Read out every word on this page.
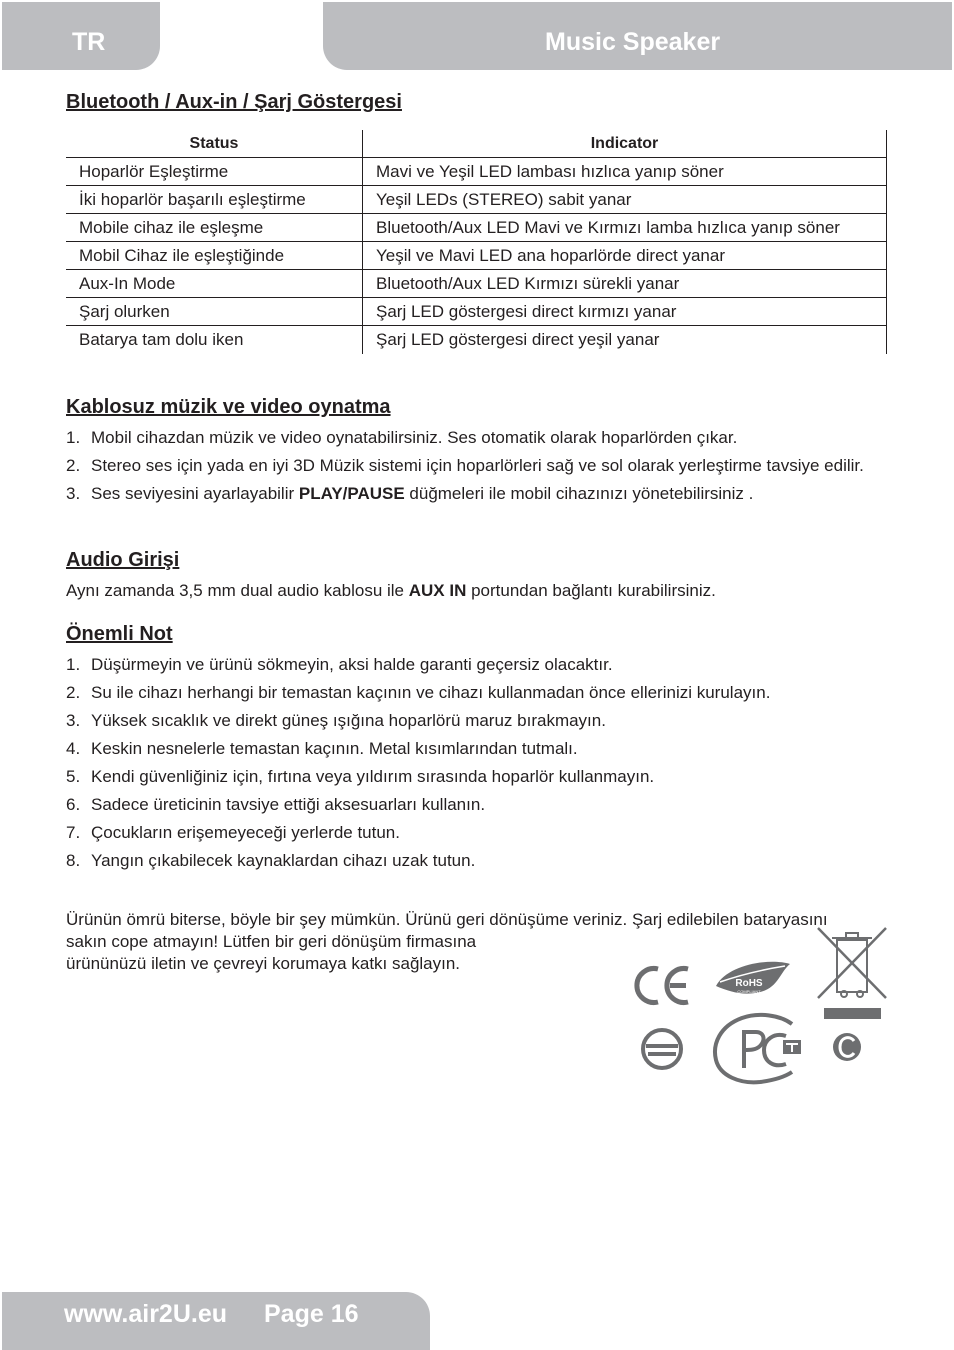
TR	Music Speaker
Bluetooth / Aux-in / Şarj Göstergesi
Status	Indicator
Hoparlör Eşleştirme	Mavi ve Yeşil LED lambası hızlıca yanıp söner
İki hoparlör başarılı eşleştirme	Yeşil LEDs (STEREO) sabit yanar
Mobile cihaz ile eşleşme	Bluetooth/Aux LED Mavi ve Kırmızı lamba hızlıca yanıp söner
Mobil Cihaz ile eşleştiğinde	Yeşil ve Mavi LED ana hoparlörde direct yanar
Aux-In Mode	Bluetooth/Aux LED Kırmızı sürekli yanar
Şarj olurken	Şarj LED göstergesi direct kırmızı yanar
Batarya tam dolu iken	Şarj LED göstergesi direct yeşil yanar
Kablosuz müzik ve video oynatma
1. Mobil cihazdan müzik ve video oynatabilirsiniz. Ses otomatik olarak hoparlörden çıkar.
2. Stereo ses için yada en iyi 3D Müzik sistemi için hoparlörleri sağ ve sol olarak yerleştirme tavsiye edilir.
3. Ses seviyesini ayarlayabilir PLAY/PAUSE düğmeleri ile mobil cihazınızı yönetebilirsiniz .
Audio Girişi

Aynı zamanda 3,5 mm dual audio kablosu ile AUX IN portundan bağlantı kurabilirsiniz.

Önemli Not
1. Düşürmeyin ve ürünü sökmeyin, aksi halde garanti geçersiz olacaktır.
2. Su ile cihazı herhangi bir temastan kaçının ve cihazı kullanmadan önce ellerinizi kurulayın.
3. Yüksek sıcaklık ve direkt güneş ışığına hoparlörü maruz bırakmayın.
4. Keskin nesnelerle temastan kaçının. Metal kısımlarından tutmalı.
5. Kendi güvenliğiniz için, fırtına veya yıldırım sırasında hoparlör kullanmayın.
6. Sadece üreticinin tavsiye ettiği aksesuarları kullanın.
7. Çocukların erişemeyeceği yerlerde tutun.
8. Yangın çıkabilecek kaynaklardan cihazı uzak tutun.

Ürünün ömrü biterse, böyle bir şey mümkün. Ürünü geri dönüşüme veriniz. Şarj edilebilen bataryasını
sakın cope atmayın! Lütfen bir geri dönüşüm firmasına
ürününüzü iletin ve çevreyi korumaya katkı sağlayın.

RoHS
COMPLIANT
www.air2U.eu Page 16
